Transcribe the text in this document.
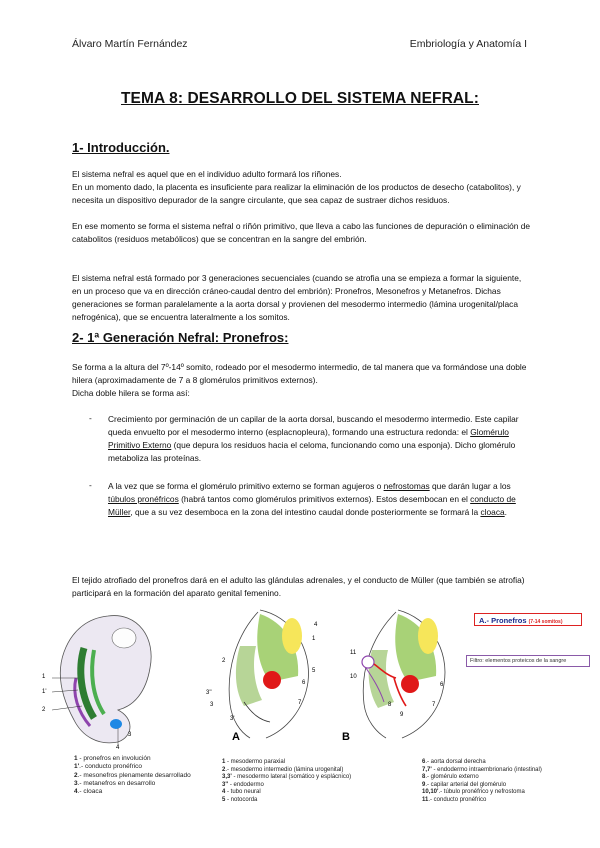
Álvaro Martín Fernández	Embriología y Anatomía I
TEMA 8: DESARROLLO DEL SISTEMA NEFRAL:
1- Introducción.

El sistema nefral es aquel que en el individuo adulto formará los riñones.

En un momento dado, la placenta es insuficiente para realizar la eliminación de los productos de desecho (catabolitos), y necesita un dispositivo depurador de la sangre circulante, que sea capaz de sustraer dichos residuos.

En ese momento se forma el sistema nefral o riñón primitivo, que lleva a cabo las funciones de depuración o eliminación de catabolitos (residuos metabólicos) que se concentran en la sangre del embrión.

El sistema nefral está formado por 3 generaciones secuenciales (cuando se atrofia una se empieza a formar la siguiente, en un proceso que va en dirección cráneo-caudal dentro del embrión): Pronefros, Mesonefros y Metanefros. Dichas generaciones se forman paralelamente a la aorta dorsal y provienen del mesodermo intermedio (lámina urogenital/placa nefrogénica), que se encuentra lateralmente a los somitos.

2- 1ª Generación Nefral: Pronefros:

Se forma a la altura del 7º-14º somito, rodeado por el mesodermo intermedio, de tal manera que va formándose una doble hilera (aproximadamente de 7 a 8 glomérulos primitivos externos).

Dicha doble hilera se forma así:

- Crecimiento por germinación de un capilar de la aorta dorsal, buscando el mesodermo intermedio. Este capilar queda envuelto por el mesodermo interno (esplacnopleura), formando una estructura redonda: el Glomérulo Primitivo Externo (que depura los residuos hacia el celoma, funcionando como una esponja). Dicho glomérulo metaboliza las proteínas.

- A la vez que se forma el glomérulo primitivo externo se forman agujeros o nefrostomas que darán lugar a los túbulos pronéfricos (habrá tantos como glomérulos primitivos externos). Estos desembocan en el conducto de Müller, que a su vez desemboca en la zona del intestino caudal donde posteriormente se formará la cloaca.

El tejido atrofiado del pronefros dará en el adulto las glándulas adrenales, y el conducto de Müller (que también se atrofia) participará en la formación del aparato genital femenino.

1
1'
2
3
4
1
2
3
3'
3''
4
5
6
7
A
6
7
8
9
10
11
B
A.- Pronefros (7-14 somitos)
Filtro: elementos proteicos de la sangre
1 - pronefros en involución
1'.- conducto pronéfrico
2.- mesonefros plenamente desarrollado
3.- metanefros en desarrollo
4.- cloaca
1 - mesodermo paraxial
2.- mesodermo intermedio (lámina urogenital)
3,3' - mesodermo lateral (somático y esplácnico)
3'' - endodermo
4 - tubo neural
5 - notocorda
6.- aorta dorsal derecha
7,7' - endodermo intraembrionario (intestinal)
8.- glomérulo externo
9.- capilar arterial del glomérulo
10,10'.- túbulo pronéfrico y nefrostoma
11.- conducto pronéfrico
